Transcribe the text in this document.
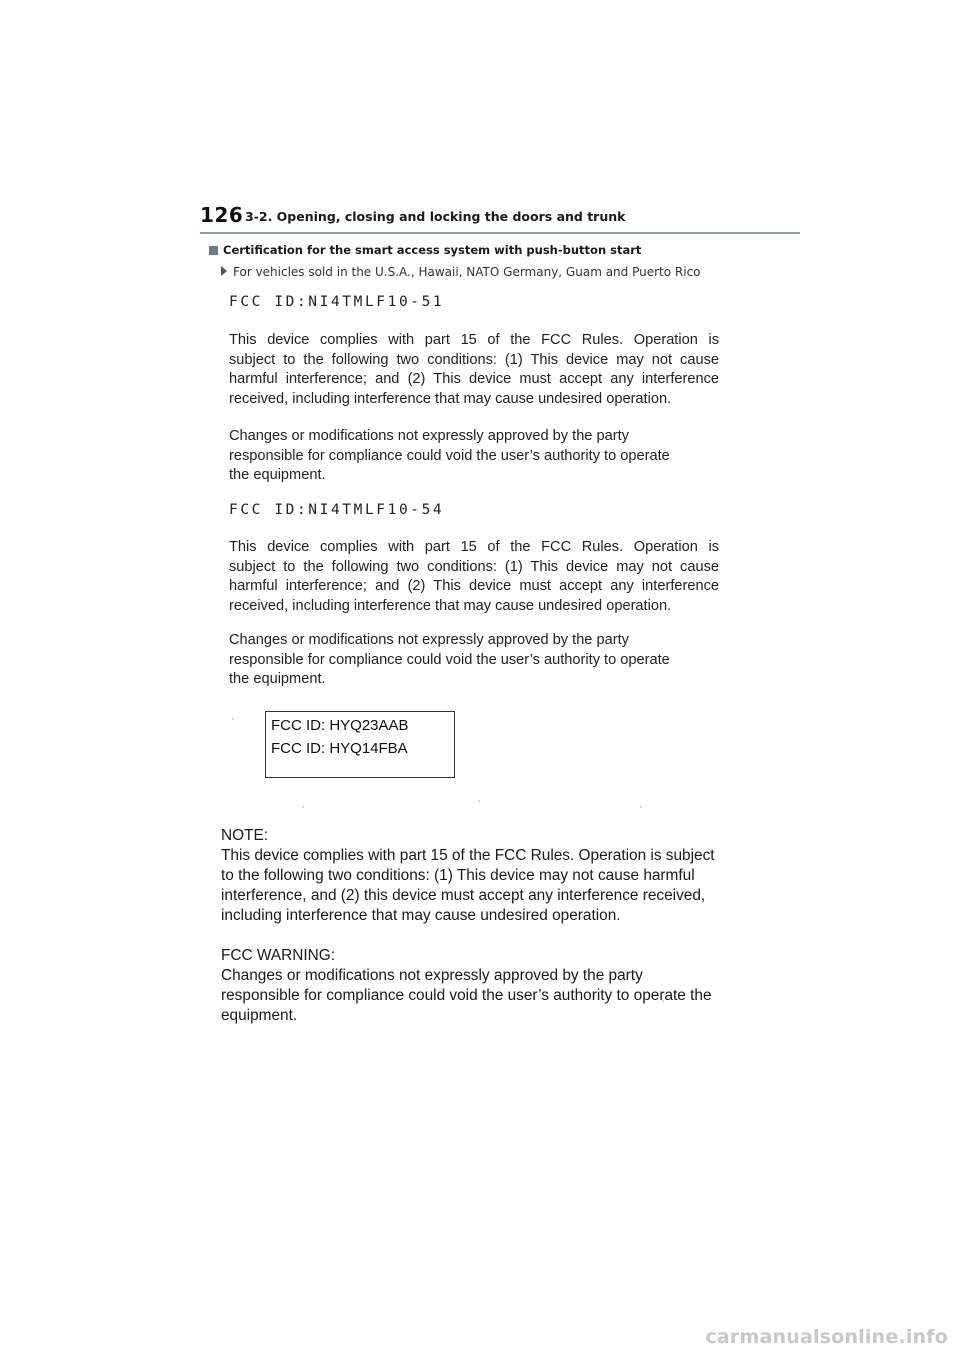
126 3-2. Opening, closing and locking the doors and trunk
Certification for the smart access system with push-button start
For vehicles sold in the U.S.A., Hawaii, NATO Germany, Guam and Puerto Rico
FCC ID:NI4TMLF10-51
This device complies with part 15 of the FCC Rules. Operation is
subject to the following two conditions: (1) This device may not cause
harmful interference; and (2) This device must accept any interference
received, including interference that may cause undesired operation.
Changes or modifications not expressly approved by the party
responsible for compliance could void the user’s authority to operate
the equipment.
FCC ID:NI4TMLF10-54
This device complies with part 15 of the FCC Rules. Operation is
subject to the following two conditions: (1) This device may not cause
harmful interference; and (2) This device must accept any interference
received, including interference that may cause undesired operation.
Changes or modifications not expressly approved by the party
responsible for compliance could void the user’s authority to operate
the equipment.
FCC ID: HYQ23AAB
FCC ID: HYQ14FBA
NOTE:
This device complies with part 15 of the FCC Rules. Operation is subject
to the following two conditions: (1) This device may not cause harmful
interference, and (2) this device must accept any interference received,
including interference that may cause undesired operation.
FCC WARNING:
Changes or modifications not expressly approved by the party
responsible for compliance could void the user’s authority to operate the
equipment.
carmanualsonline.info
